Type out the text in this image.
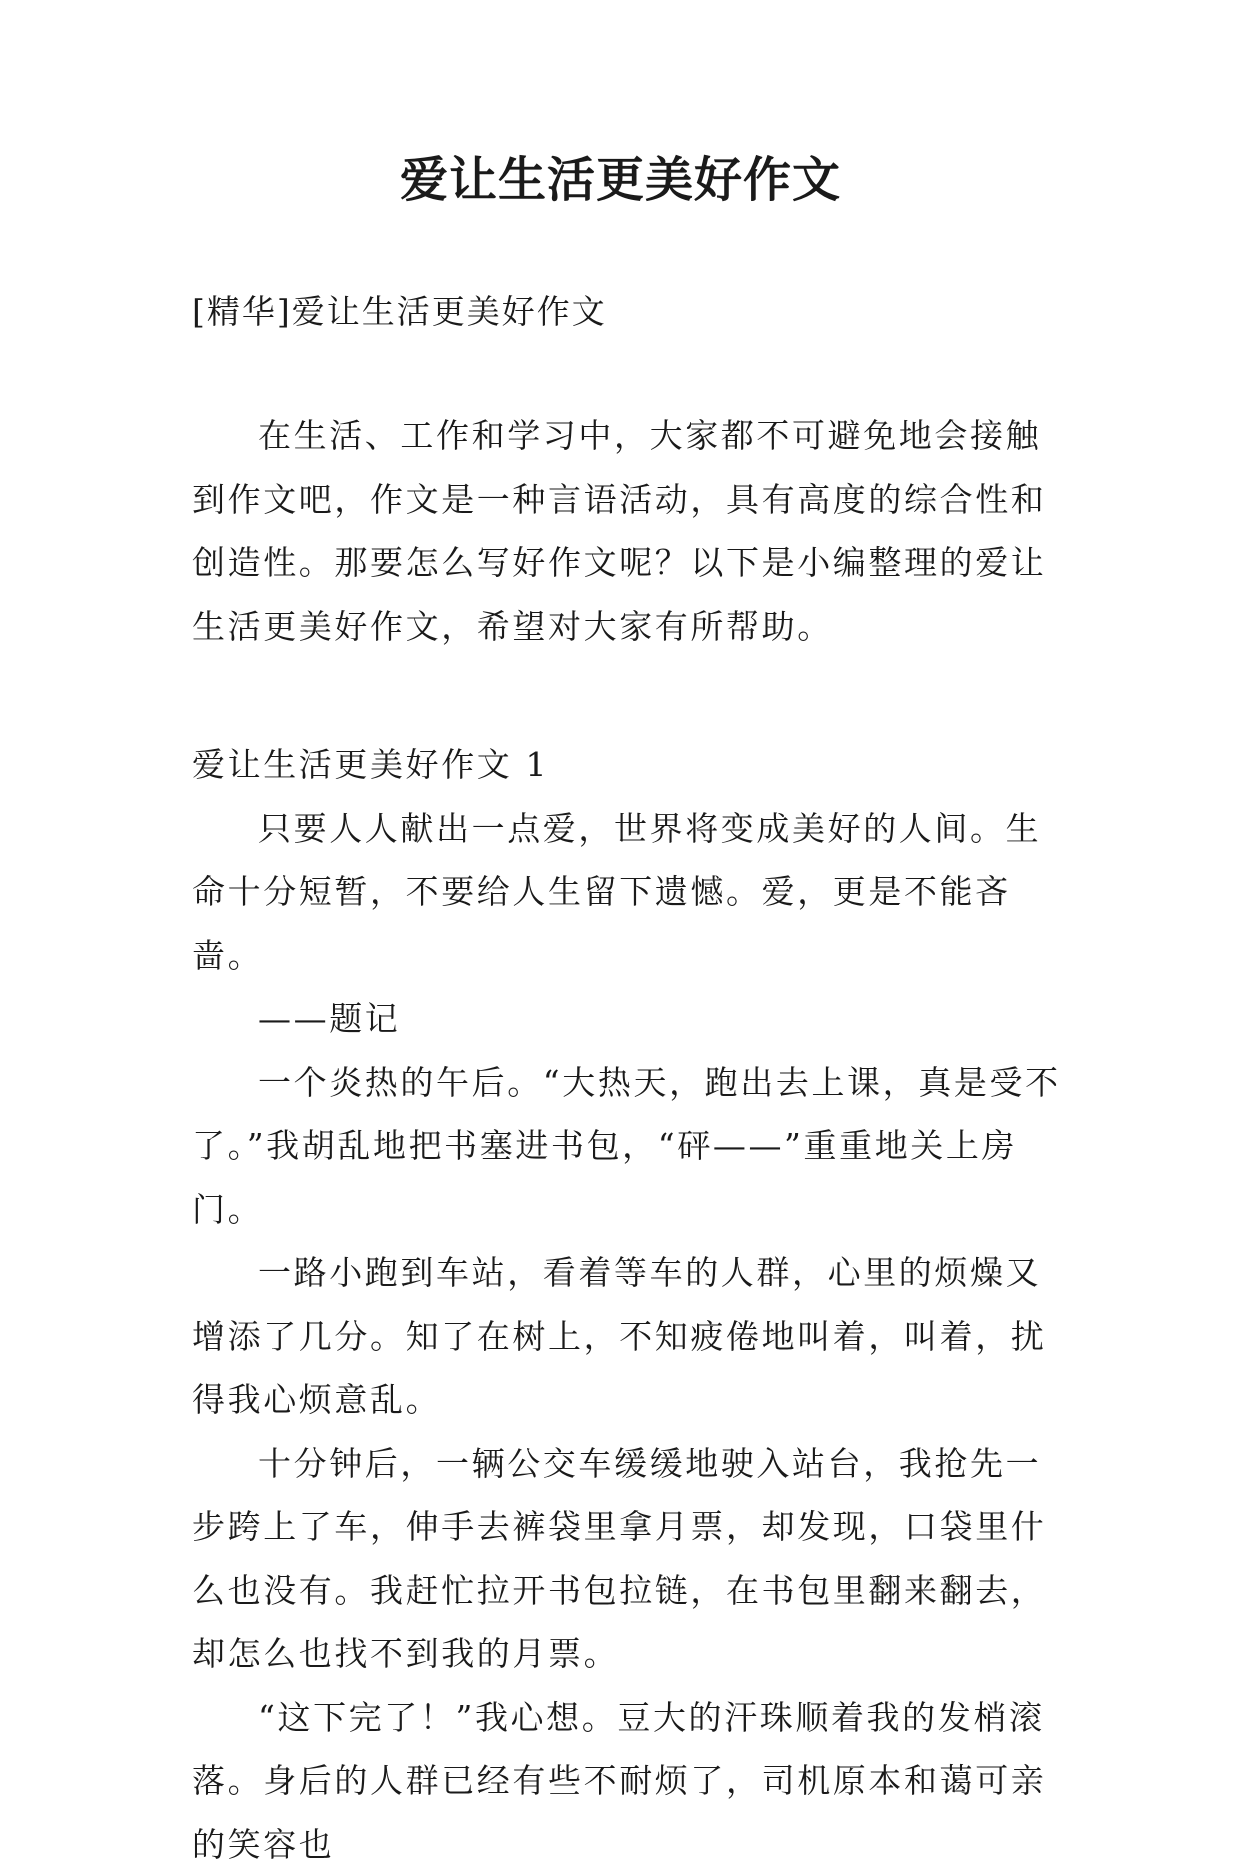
爱让生活更美好作文
[精华]爱让生活更美好作文

在生活、工作和学习中，大家都不可避免地会接触到作文吧，作文是一种言语活动，具有高度的综合性和创造性。那要怎么写好作文呢？以下是小编整理的爱让生活更美好作文，希望对大家有所帮助。

爱让生活更美好作文 1

只要人人献出一点爱，世界将变成美好的人间。生命十分短暂，不要给人生留下遗憾。爱，更是不能吝啬。

——题记

一个炎热的午后。“大热天，跑出去上课，真是受不了。”我胡乱地把书塞进书包，“砰——”重重地关上房门。

一路小跑到车站，看着等车的人群，心里的烦燥又增添了几分。知了在树上，不知疲倦地叫着，叫着，扰得我心烦意乱。

十分钟后，一辆公交车缓缓地驶入站台，我抢先一步跨上了车，伸手去裤袋里拿月票，却发现，口袋里什么也没有。我赶忙拉开书包拉链，在书包里翻来翻去，却怎么也找不到我的月票。

“这下完了！”我心想。豆大的汗珠顺着我的发梢滚落。身后的人群已经有些不耐烦了，司机原本和蔼可亲的笑容也
